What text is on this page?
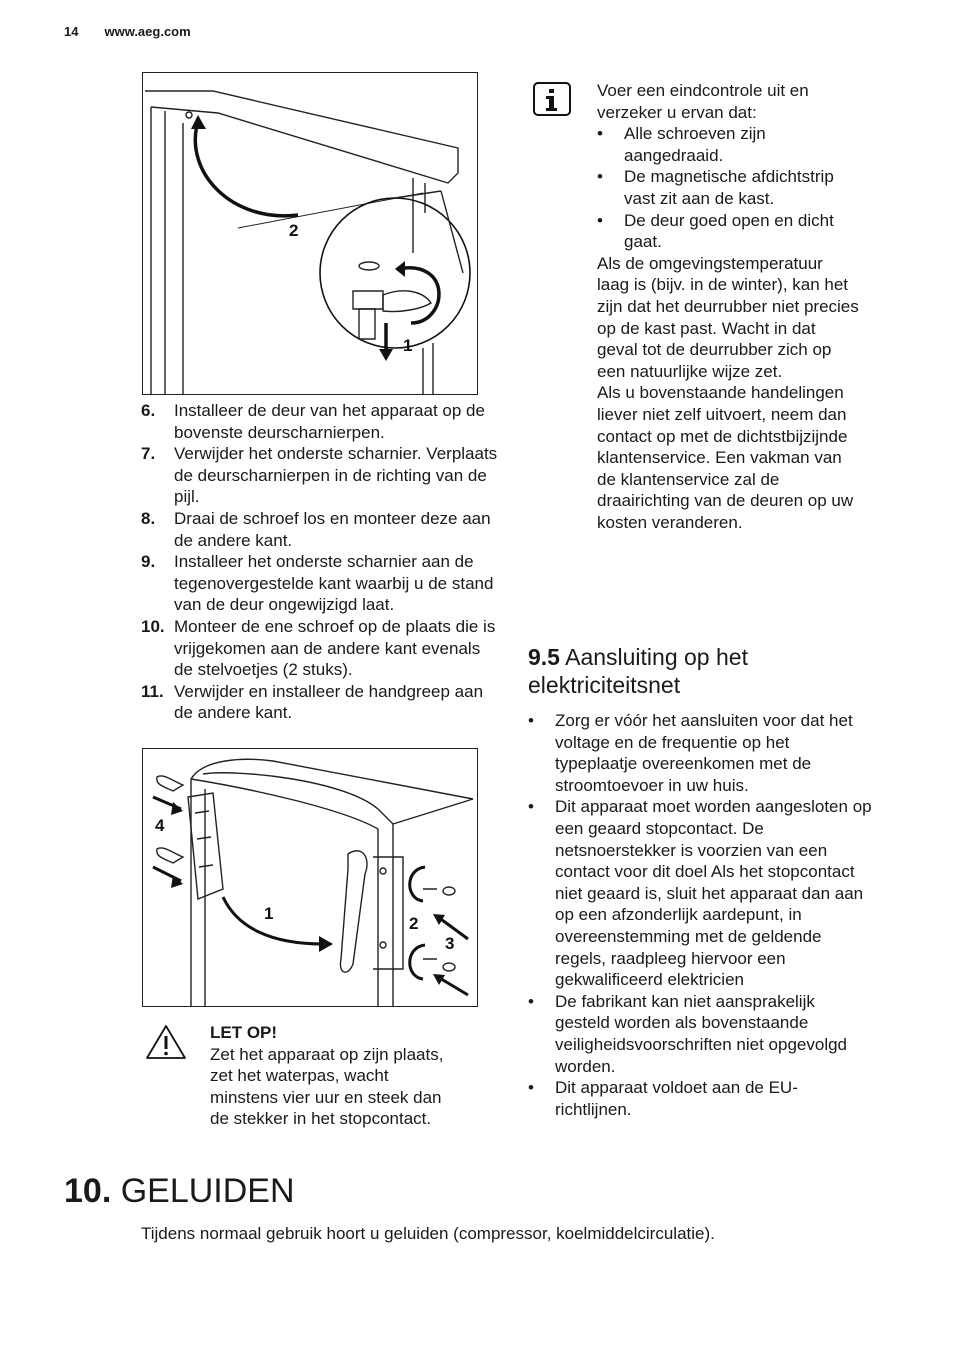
14 www.aeg.com
2
1
6.	Installeer de deur van het apparaat op de bovenste deurscharnierpen.
7.	Verwijder het onderste scharnier. Verplaats de deurscharnierpen in de richting van de pijl.
8.	Draai de schroef los en monteer deze aan de andere kant.
9.	Installeer het onderste scharnier aan de tegenovergestelde kant waarbij u de stand van de deur ongewijzigd laat.
10. Monteer de ene schroef op de plaats die is vrijgekomen aan de andere kant evenals de stelvoetjes (2 stuks).
11. Verwijder en installeer de handgreep aan de andere kant.
4
1
2
3
LET OP!
Zet het apparaat op zijn plaats, zet het waterpas, wacht minstens vier uur en steek dan de stekker in het stopcontact.
Voer een eindcontrole uit en verzeker u ervan dat:
•	Alle schroeven zijn aangedraaid.
•	De magnetische afdichtstrip vast zit aan de kast.
•	De deur goed open en dicht gaat.
Als de omgevingstemperatuur laag is (bijv. in de winter), kan het zijn dat het deurrubber niet precies op de kast past. Wacht in dat geval tot de deurrubber zich op een natuurlijke wijze zet.
Als u bovenstaande handelingen liever niet zelf uitvoert, neem dan contact op met de dichtstbijzijnde klantenservice. Een vakman van de klantenservice zal de draairichting van de deuren op uw kosten veranderen.
9.5 Aansluiting op het elektriciteitsnet
•	Zorg er vóór het aansluiten voor dat het voltage en de frequentie op het typeplaatje overeenkomen met de stroomtoevoer in uw huis.
•	Dit apparaat moet worden aangesloten op een geaard stopcontact. De netsnoerstekker is voorzien van een contact voor dit doel Als het stopcontact niet geaard is, sluit het apparaat dan aan op een afzonderlijk aardepunt, in overeenstemming met de geldende regels, raadpleeg hiervoor een gekwalificeerd elektricien
•	De fabrikant kan niet aansprakelijk gesteld worden als bovenstaande veiligheidsvoorschriften niet opgevolgd worden.
•	Dit apparaat voldoet aan de EU-richtlijnen.
10. GELUIDEN
Tijdens normaal gebruik hoort u geluiden (compressor, koelmiddelcirculatie).
